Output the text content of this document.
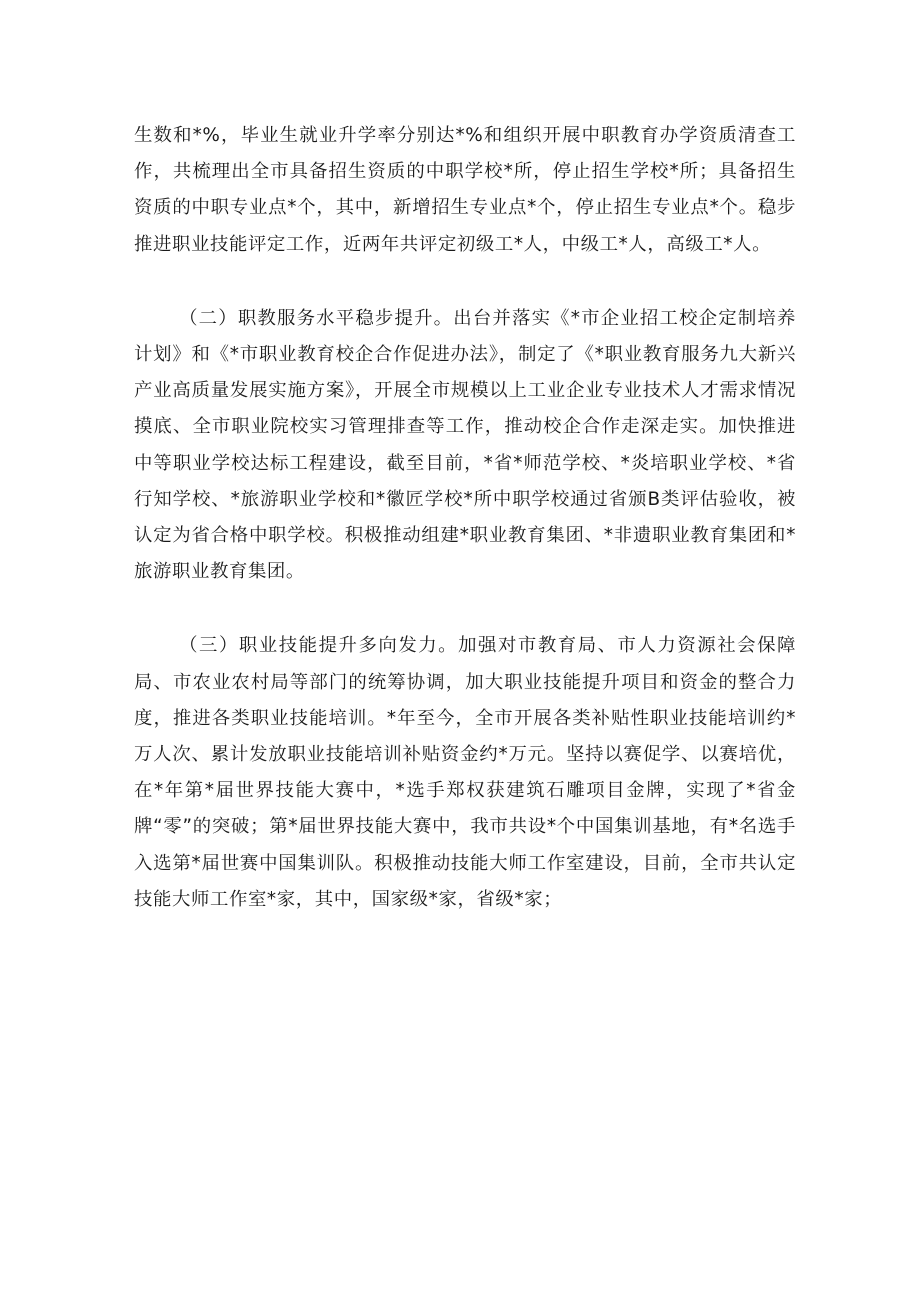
生数和*%，毕业生就业升学率分别达*%和组织开展中职教育办学资质清查工作，共梳理出全市具备招生资质的中职学校*所，停止招生学校*所；具备招生资质的中职专业点*个，其中，新增招生专业点*个，停止招生专业点*个。稳步推进职业技能评定工作，近两年共评定初级工*人，中级工*人，高级工*人。

（二）职教服务水平稳步提升。出台并落实《*市企业招工校企定制培养计划》和《*市职业教育校企合作促进办法》，制定了《*职业教育服务九大新兴产业高质量发展实施方案》，开展全市规模以上工业企业专业技术人才需求情况摸底、全市职业院校实习管理排查等工作，推动校企合作走深走实。加快推进中等职业学校达标工程建设，截至目前，*省*师范学校、*炎培职业学校、*省行知学校、*旅游职业学校和*徽匠学校*所中职学校通过省颁B类评估验收，被认定为省合格中职学校。积极推动组建*职业教育集团、*非遗职业教育集团和*旅游职业教育集团。

（三）职业技能提升多向发力。加强对市教育局、市人力资源社会保障局、市农业农村局等部门的统筹协调，加大职业技能提升项目和资金的整合力度，推进各类职业技能培训。*年至今，全市开展各类补贴性职业技能培训约*万人次、累计发放职业技能培训补贴资金约*万元。坚持以赛促学、以赛培优，在*年第*届世界技能大赛中，*选手郑权获建筑石雕项目金牌，实现了*省金牌“零”的突破；第*届世界技能大赛中，我市共设*个中国集训基地，有*名选手入选第*届世赛中国集训队。积极推动技能大师工作室建设，目前，全市共认定技能大师工作室*家，其中，国家级*家，省级*家；
